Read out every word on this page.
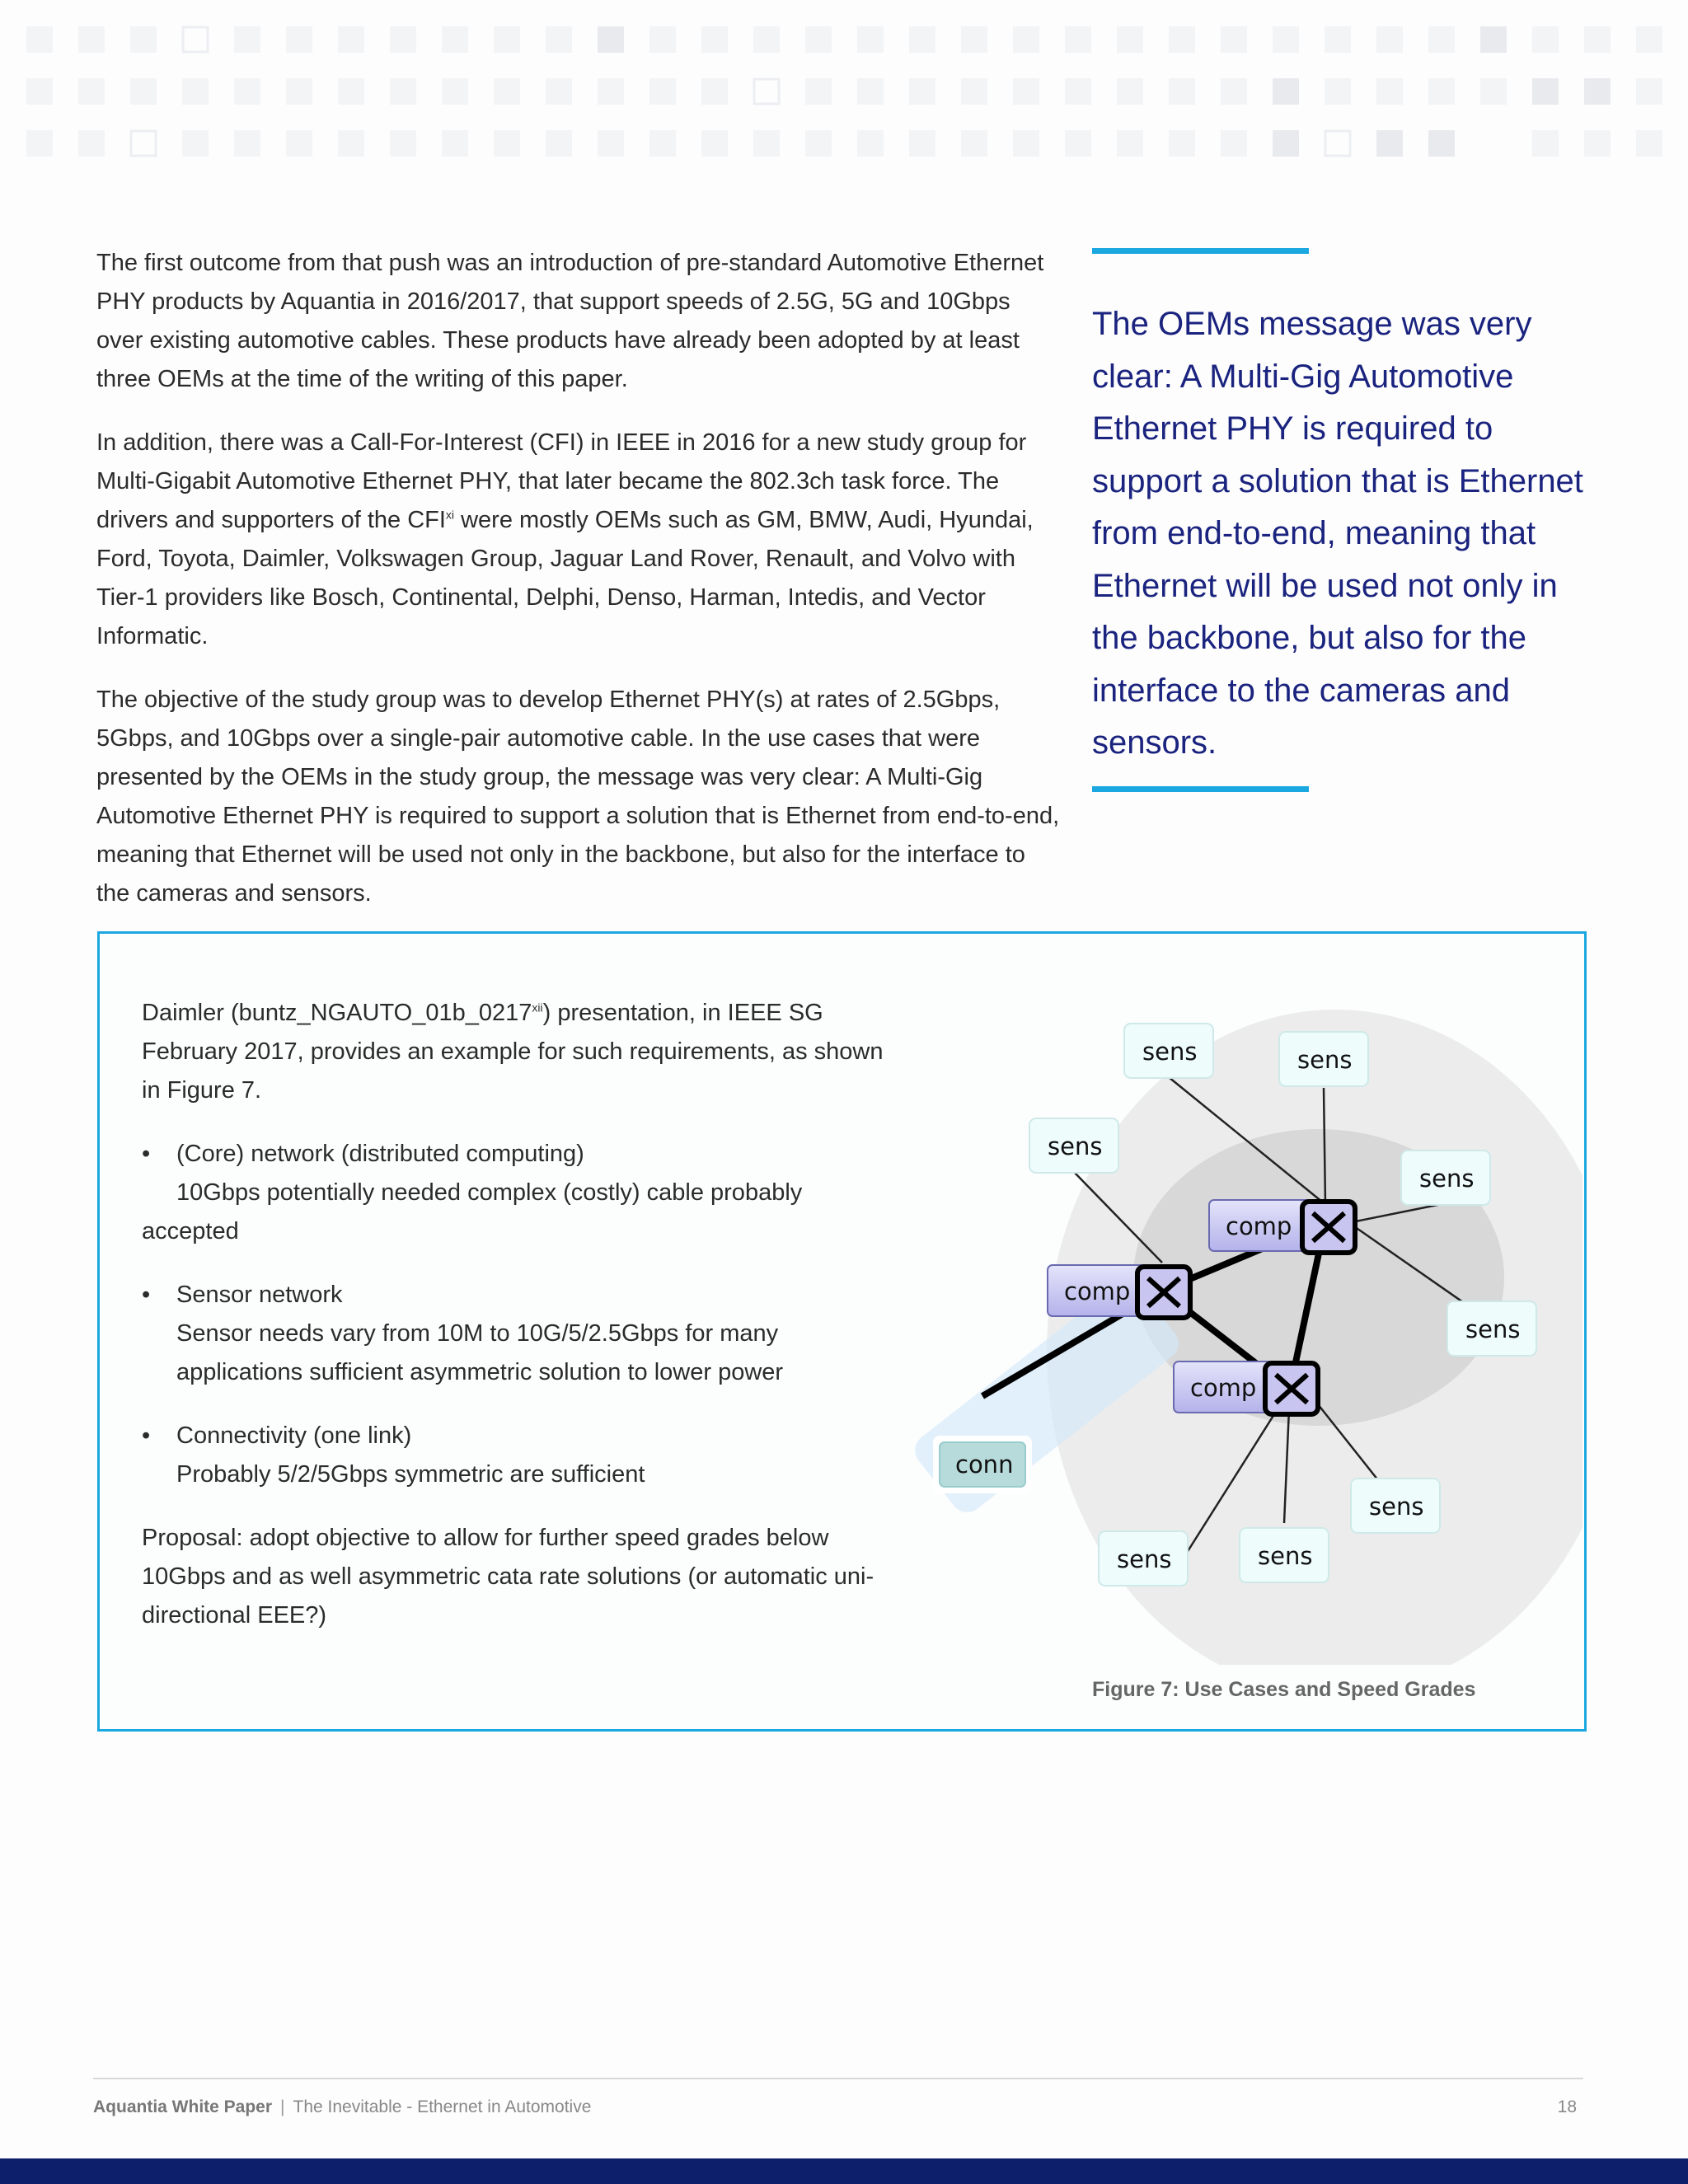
The first outcome from that push was an introduction of pre-standard Automotive Ethernet PHY products by Aquantia in 2016/2017, that support speeds of 2.5G, 5G and 10Gbps over existing automotive cables. These products have already been adopted by at least three OEMs at the time of the writing of this paper.

In addition, there was a Call-For-Interest (CFI) in IEEE in 2016 for a new study group for Multi-Gigabit Automotive Ethernet PHY, that later became the 802.3ch task force. The drivers and supporters of the CFI$^{xi}$ were mostly OEMs such as GM, BMW, Audi, Hyundai, Ford, Toyota, Daimler, Volkswagen Group, Jaguar Land Rover, Renault, and Volvo with Tier-1 providers like Bosch, Continental, Delphi, Denso, Harman, Intedis, and Vector Informatic.

The objective of the study group was to develop Ethernet PHY(s) at rates of 2.5Gbps, 5Gbps, and 10Gbps over a single-pair automotive cable. In the use cases that were presented by the OEMs in the study group, the message was very clear: A Multi-Gig Automotive Ethernet PHY is required to support a solution that is Ethernet from end-to-end, meaning that Ethernet will be used not only in the backbone, but also for the interface to the cameras and sensors.

The OEMs message was very clear: A Multi-Gig Automotive Ethernet PHY is required to support a solution that is Ethernet from end-to-end, meaning that Ethernet will be used not only in the backbone, but also for the interface to the cameras and sensors.

Daimler (buntz_NGAUTO_01b_0217$^{xii}$) presentation, in IEEE SG February 2017, provides an example for such requirements, as shown in Figure 7.

•	(Core) network (distributed computing)
10Gbps potentially needed complex (costly) cable probably accepted
•	Sensor network
Sensor needs vary from 10M to 10G/5/2.5Gbps for many
applications sufficient asymmetric solution to lower power
•	Connectivity (one link)
Probably 5/2/5Gbps symmetric are sufficient

Proposal: adopt objective to allow for further speed grades below 10Gbps and as well asymmetric cata rate solutions (or automatic uni-directional EEE?)

comp
comp
comp
conn
sens	sens
sens
sens
sens
sens
sens
sens
Figure 7: Use Cases and Speed Grades
Aquantia White Paper | The Inevitable - Ethernet in Automotive	18
